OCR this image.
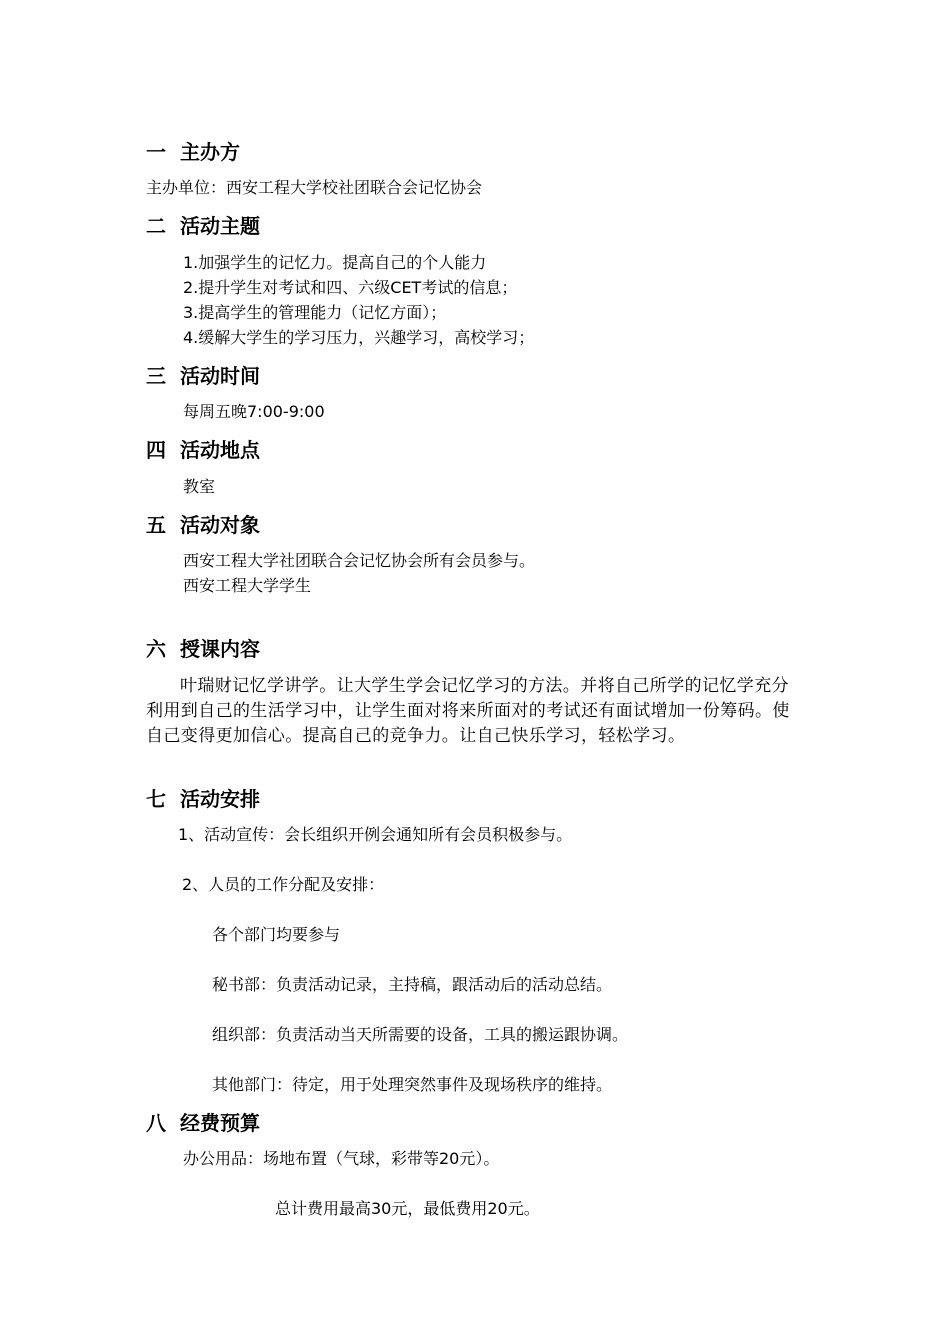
一 主办方

主办单位：西安工程大学校社团联合会记忆协会

二 活动主题

1.加强学生的记忆力。提高自己的个人能力

2.提升学生对考试和四、六级CET考试的信息；

3.提高学生的管理能力（记忆方面）；

4.缓解大学生的学习压力，兴趣学习，高校学习；

三 活动时间

每周五晚7:00-9:00

四 活动地点

教室

五 活动对象

西安工程大学社团联合会记忆协会所有会员参与。

西安工程大学学生

六 授课内容

叶瑞财记忆学讲学。让大学生学会记忆学习的方法。并将自己所学的记忆学充分利用到自己的生活学习中，让学生面对将来所面对的考试还有面试增加一份筹码。使自己变得更加信心。提高自己的竞争力。让自己快乐学习，轻松学习。

七 活动安排

1、活动宣传：会长组织开例会通知所有会员积极参与。

2、人员的工作分配及安排：

各个部门均要参与

秘书部：负责活动记录，主持稿，跟活动后的活动总结。

组织部：负责活动当天所需要的设备，工具的搬运跟协调。

其他部门：待定，用于处理突然事件及现场秩序的维持。

八 经费预算

办公用品：场地布置（气球，彩带等20元）。

总计费用最高30元，最低费用20元。
